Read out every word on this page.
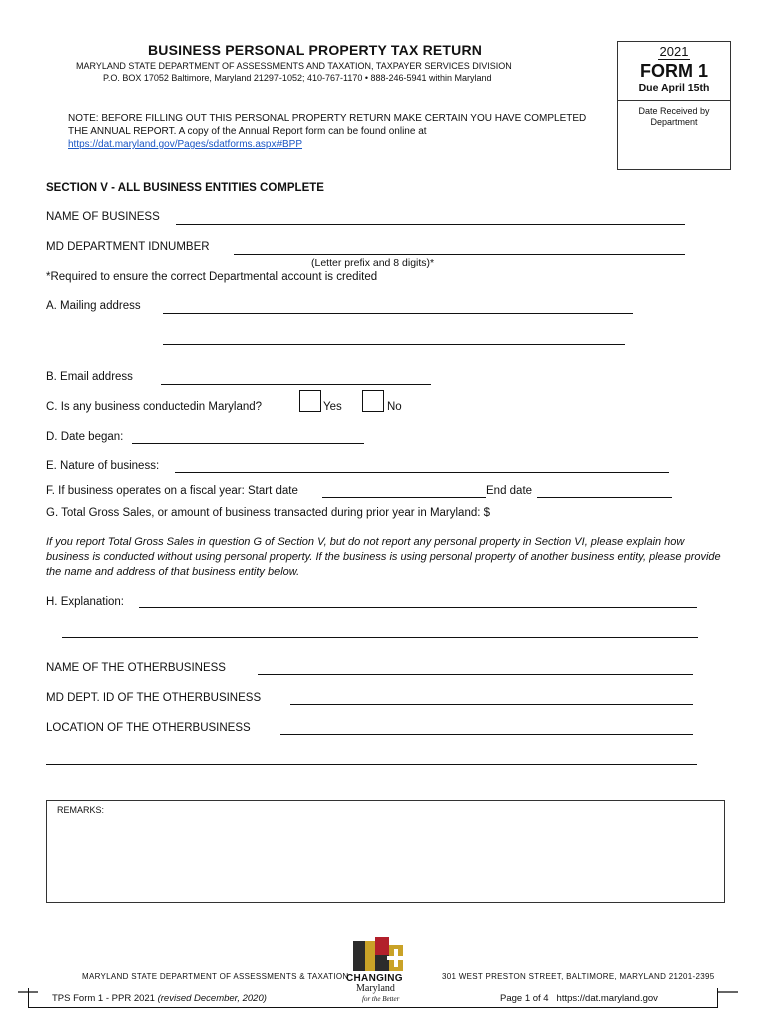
BUSINESS PERSONAL PROPERTY TAX RETURN
MARYLAND STATE DEPARTMENT OF ASSESSMENTS AND TAXATION, TAXPAYER SERVICES DIVISION
P.O. BOX 17052 Baltimore, Maryland 21297-1052; 410-767-1170 • 888-246-5941 within Maryland
2021
FORM 1
Due April 15th
Date Received by Department
NOTE: BEFORE FILLING OUT THIS PERSONAL PROPERTY RETURN MAKE CERTAIN YOU HAVE COMPLETED THE ANNUAL REPORT. A copy of the Annual Report form can be found online at https://dat.maryland.gov/Pages/sdatforms.aspx#BPP
SECTION V - ALL BUSINESS ENTITIES COMPLETE
NAME OF BUSINESS
MD DEPARTMENT IDNUMBER
(Letter prefix and 8 digits)*
*Required to ensure the correct Departmental account is credited
A. Mailing address
B. Email address
C. Is any business conductedin Maryland?	Yes	No
D. Date began:
E. Nature of business:
F. If business operates on a fiscal year: Start date	End date
G. Total Gross Sales, or amount of business transacted during prior year in Maryland: $
If you report Total Gross Sales in question G of Section V, but do not report any personal property in Section VI, please explain how business is conducted without using personal property. If the business is using personal property of another business entity, please provide the name and address of that business entity below.
H. Explanation:
NAME OF THE OTHERBUSINESS
MD DEPT. ID OF THE OTHERBUSINESS
LOCATION OF THE OTHERBUSINESS
REMARKS:
MARYLAND STATE DEPARTMENT OF ASSESSMENTS & TAXATION	301 WEST PRESTON STREET, BALTIMORE, MARYLAND 21201-2395
CHANGING
Maryland
for the Better
TPS Form 1 - PPR 2021 (revised December, 2020)	Page 1 of 4 https://dat.maryland.gov
